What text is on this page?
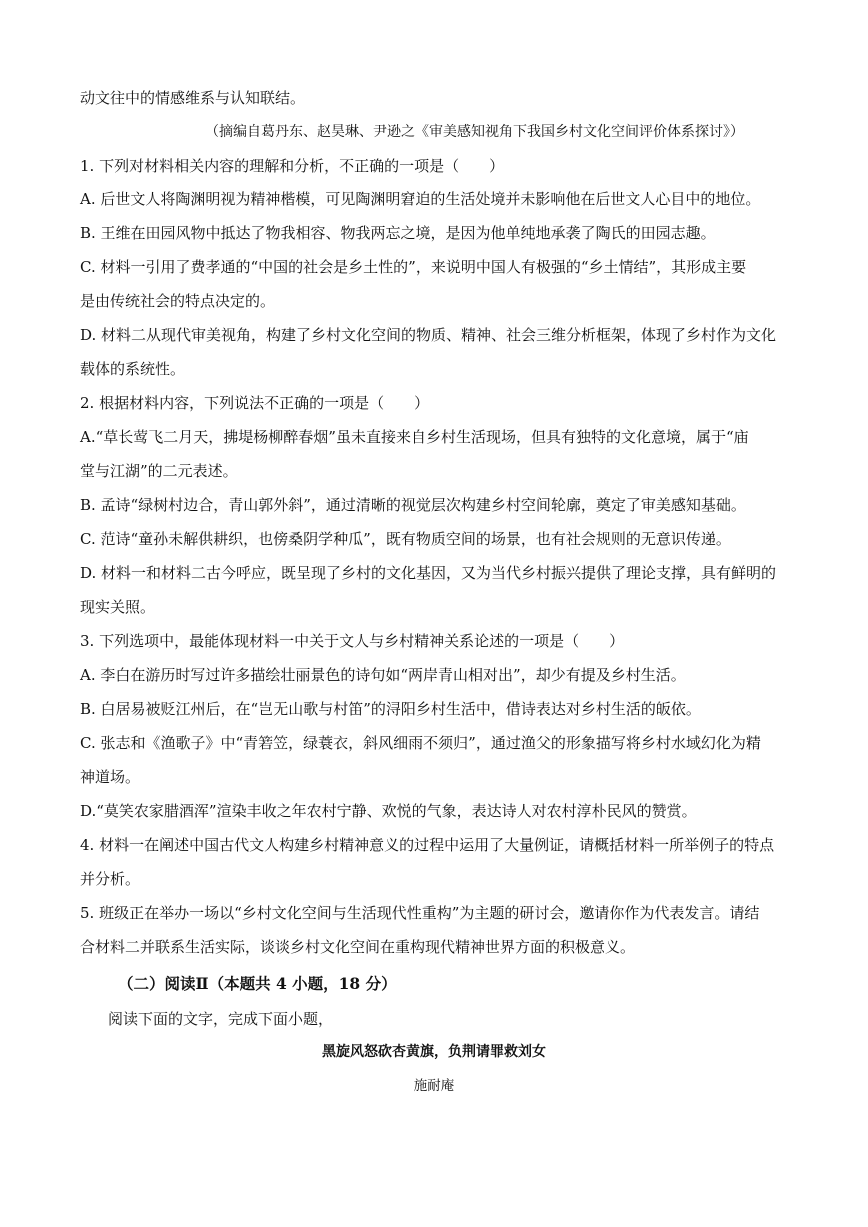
动文往中的情感维系与认知联结。
（摘编自葛丹东、赵昊琳、尹逊之《审美感知视角下我国乡村文化空间评价体系探讨》）
1. 下列对材料相关内容的理解和分析，不正确的一项是（　　）
A. 后世文人将陶渊明视为精神楷模，可见陶渊明窘迫的生活处境并未影响他在后世文人心目中的地位。
B. 王维在田园风物中抵达了物我相容、物我两忘之境，是因为他单纯地承袭了陶氏的田园志趣。
C. 材料一引用了费孝通的“中国的社会是乡土性的”，来说明中国人有极强的“乡土情结”，其形成主要
是由传统社会的特点决定的。
D. 材料二从现代审美视角，构建了乡村文化空间的物质、精神、社会三维分析框架，体现了乡村作为文化
载体的系统性。
2. 根据材料内容，下列说法不正确的一项是（　　）
A.“草长莺飞二月天，拂堤杨柳醉春烟”虽未直接来自乡村生活现场，但具有独特的文化意境，属于“庙
堂与江湖”的二元表述。
B. 孟诗“绿树村边合，青山郭外斜”，通过清晰的视觉层次构建乡村空间轮廓，奠定了审美感知基础。
C. 范诗“童孙未解供耕织，也傍桑阴学种瓜”，既有物质空间的场景，也有社会规则的无意识传递。
D. 材料一和材料二古今呼应，既呈现了乡村的文化基因，又为当代乡村振兴提供了理论支撑，具有鲜明的
现实关照。
3. 下列选项中，最能体现材料一中关于文人与乡村精神关系论述的一项是（　　）
A. 李白在游历时写过许多描绘壮丽景色的诗句如“两岸青山相对出”，却少有提及乡村生活。
B. 白居易被贬江州后，在“岂无山歌与村笛”的浔阳乡村生活中，借诗表达对乡村生活的皈依。
C. 张志和《渔歌子》中“青箬笠，绿蓑衣，斜风细雨不须归”，通过渔父的形象描写将乡村水域幻化为精
神道场。
D.“莫笑农家腊酒浑”渲染丰收之年农村宁静、欢悦的气象，表达诗人对农村淳朴民风的赞赏。
4. 材料一在阐述中国古代文人构建乡村精神意义的过程中运用了大量例证，请概括材料一所举例子的特点
并分析。
5. 班级正在举办一场以“乡村文化空间与生活现代性重构”为主题的研讨会，邀请你作为代表发言。请结
合材料二并联系生活实际，谈谈乡村文化空间在重构现代精神世界方面的积极意义。
（二）阅读Ⅱ（本题共 4 小题，18 分）
阅读下面的文字，完成下面小题，
黑旋风怒砍杏黄旗，负荆请罪救刘女
施耐庵
